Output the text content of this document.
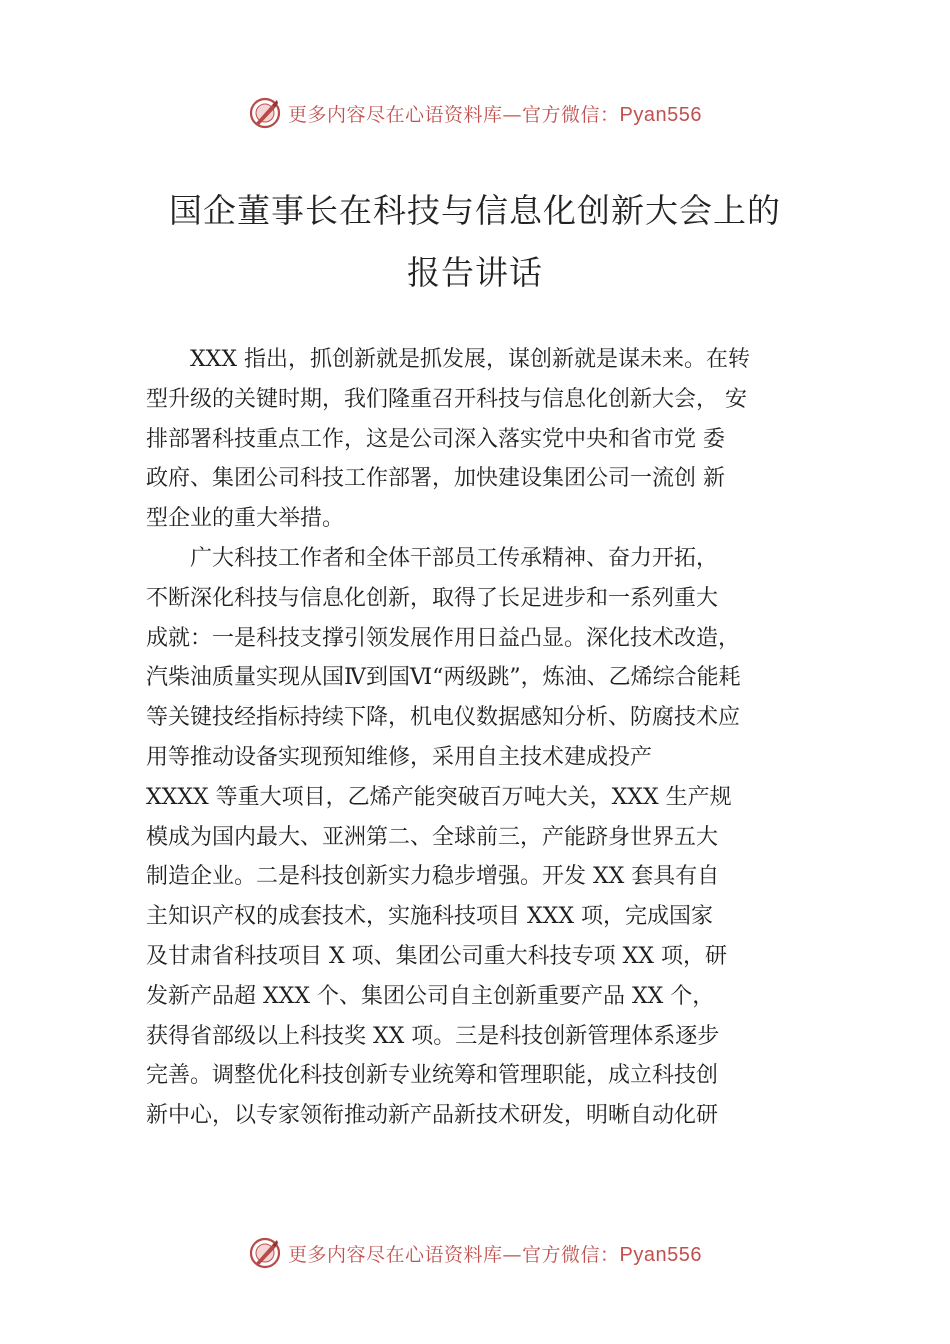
更多内容尽在心语资料库—官方微信：Pyan556
国企董事长在科技与信息化创新大会上的
报告讲话
　　XXX 指出，抓创新就是抓发展，谋创新就是谋未来。在转
型升级的关键时期，我们隆重召开科技与信息化创新大会， 安
排部署科技重点工作，这是公司深入落实党中央和省市党 委
政府、集团公司科技工作部署，加快建设集团公司一流创 新
型企业的重大举措。
　　广大科技工作者和全体干部员工传承精神、奋力开拓，
不断深化科技与信息化创新，取得了长足进步和一系列重大
成就：一是科技支撑引领发展作用日益凸显。深化技术改造，
汽柴油质量实现从国Ⅳ到国Ⅵ“两级跳”，炼油、乙烯综合能耗
等关键技经指标持续下降，机电仪数据感知分析、防腐技术应
用等推动设备实现预知维修，采用自主技术建成投产
XXXX 等重大项目，乙烯产能突破百万吨大关，XXX 生产规
模成为国内最大、亚洲第二、全球前三，产能跻身世界五大
制造企业。二是科技创新实力稳步增强。开发 XX 套具有自
主知识产权的成套技术，实施科技项目 XXX 项，完成国家
及甘肃省科技项目 X 项、集团公司重大科技专项 XX 项，研
发新产品超 XXX 个、集团公司自主创新重要产品 XX 个，
获得省部级以上科技奖 XX 项。三是科技创新管理体系逐步
完善。调整优化科技创新专业统筹和管理职能，成立科技创
新中心，以专家领衔推动新产品新技术研发，明晰自动化研
更多内容尽在心语资料库—官方微信：Pyan556
